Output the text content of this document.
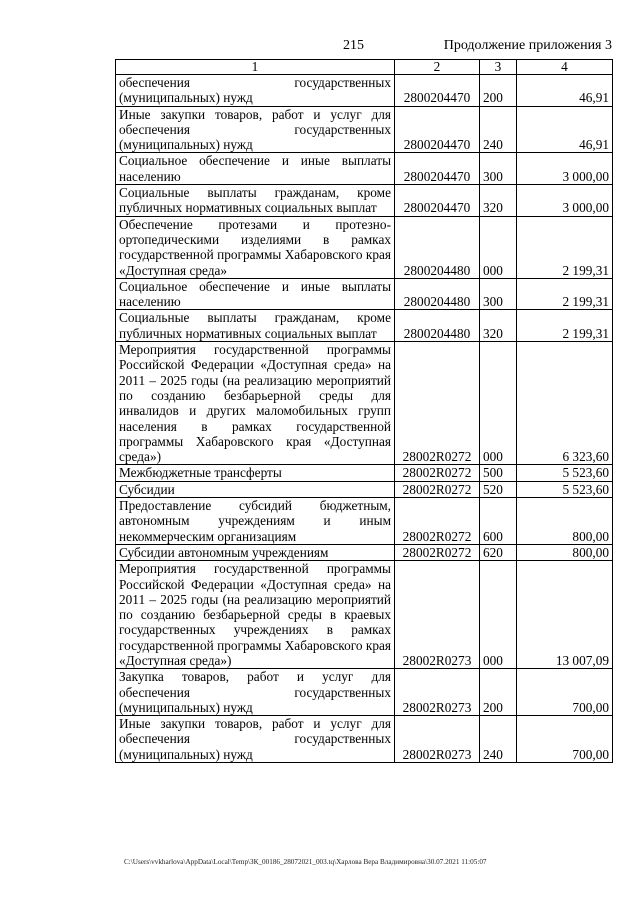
215	Продолжение приложения 3
1	2	3	4
обеспечения государственных (муниципальных) нужд	2800204470	200	46,91
Иные закупки товаров, работ и услуг для обеспечения государственных (муниципальных) нужд	2800204470	240	46,91
Социальное обеспечение и иные выплаты населению	2800204470	300	3 000,00
Социальные выплаты гражданам, кроме публичных нормативных социальных выплат	2800204470	320	3 000,00
Обеспечение протезами и протезно-ортопедическими изделиями в рамках государственной программы Хабаровского края «Доступная среда»	2800204480	000	2 199,31
Социальное обеспечение и иные выплаты населению	2800204480	300	2 199,31
Социальные выплаты гражданам, кроме публичных нормативных социальных выплат	2800204480	320	2 199,31
Мероприятия государственной программы Российской Федерации «Доступная среда» на 2011 – 2025 годы (на реализацию мероприятий по созданию безбарьерной среды для инвалидов и других маломобильных групп населения в рамках государственной программы Хабаровского края «Доступная среда»)	28002R0272	000	6 323,60
Межбюджетные трансферты	28002R0272	500	5 523,60
Субсидии	28002R0272	520	5 523,60
Предоставление субсидий бюджетным, автономным учреждениям и иным некоммерческим организациям	28002R0272	600	800,00
Субсидии автономным учреждениям	28002R0272	620	800,00
Мероприятия государственной программы Российской Федерации «Доступная среда» на 2011 – 2025 годы (на реализацию мероприятий по созданию безбарьерной среды в краевых государственных учреждениях в рамках государственной программы Хабаровского края «Доступная среда»)	28002R0273	000	13 007,09
Закупка товаров, работ и услуг для обеспечения государственных (муниципальных) нужд	28002R0273	200	700,00
Иные закупки товаров, работ и услуг для обеспечения государственных (муниципальных) нужд	28002R0273	240	700,00
C:\Users\vvkharlova\AppData\Local\Temp\ЗК_00186_28072021_003.tq\Харлова Вера Владимировна\30.07.2021 11:05:07
